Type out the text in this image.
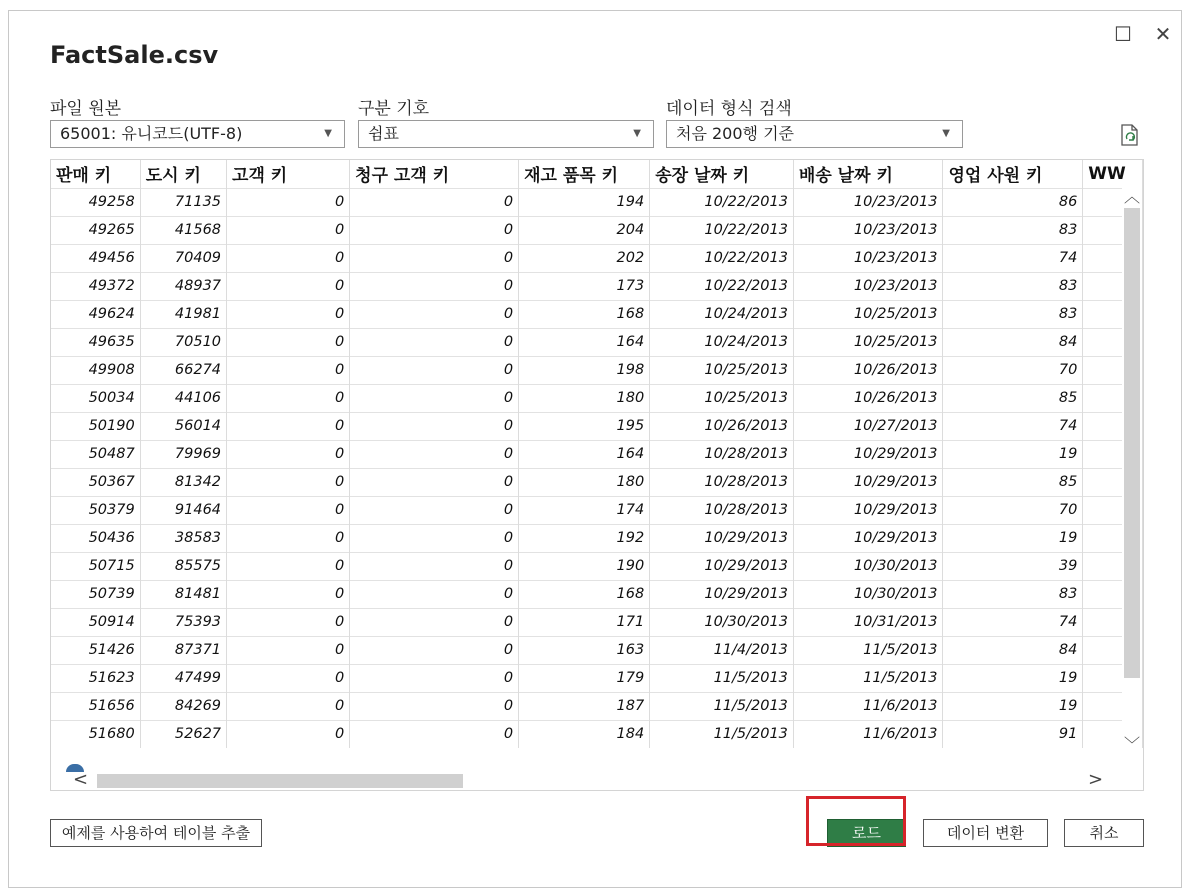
☐ ✕
FactSale.csv
파일 원본
65001: 유니코드(UTF-8)	▼
구분 기호
쉼표	▼
데이터 형식 검색
처음 200행 기준	▼
판매 키	도시 키	고객 키	청구 고객 키	재고 품목 키	송장 날짜 키	배송 날짜 키	영업 사원 키	WW
49258	71135	0	0	194	10/22/2013	10/23/2013	86	
49265	41568	0	0	204	10/22/2013	10/23/2013	83	
49456	70409	0	0	202	10/22/2013	10/23/2013	74	
49372	48937	0	0	173	10/22/2013	10/23/2013	83	
49624	41981	0	0	168	10/24/2013	10/25/2013	83	
49635	70510	0	0	164	10/24/2013	10/25/2013	84	
49908	66274	0	0	198	10/25/2013	10/26/2013	70	
50034	44106	0	0	180	10/25/2013	10/26/2013	85	
50190	56014	0	0	195	10/26/2013	10/27/2013	74	
50487	79969	0	0	164	10/28/2013	10/29/2013	19	
50367	81342	0	0	180	10/28/2013	10/29/2013	85	
50379	91464	0	0	174	10/28/2013	10/29/2013	70	
50436	38583	0	0	192	10/29/2013	10/29/2013	19	
50715	85575	0	0	190	10/29/2013	10/30/2013	39	
50739	81481	0	0	168	10/29/2013	10/30/2013	83	
50914	75393	0	0	171	10/30/2013	10/31/2013	74	
51426	87371	0	0	163	11/4/2013	11/5/2013	84	
51623	47499	0	0	179	11/5/2013	11/5/2013	19	
51656	84269	0	0	187	11/5/2013	11/6/2013	19	
51680	52627	0	0	184	11/5/2013	11/6/2013	91	
︿
﹀
<	>
예제를 사용하여 테이블 추출	로드	데이터 변환	취소
